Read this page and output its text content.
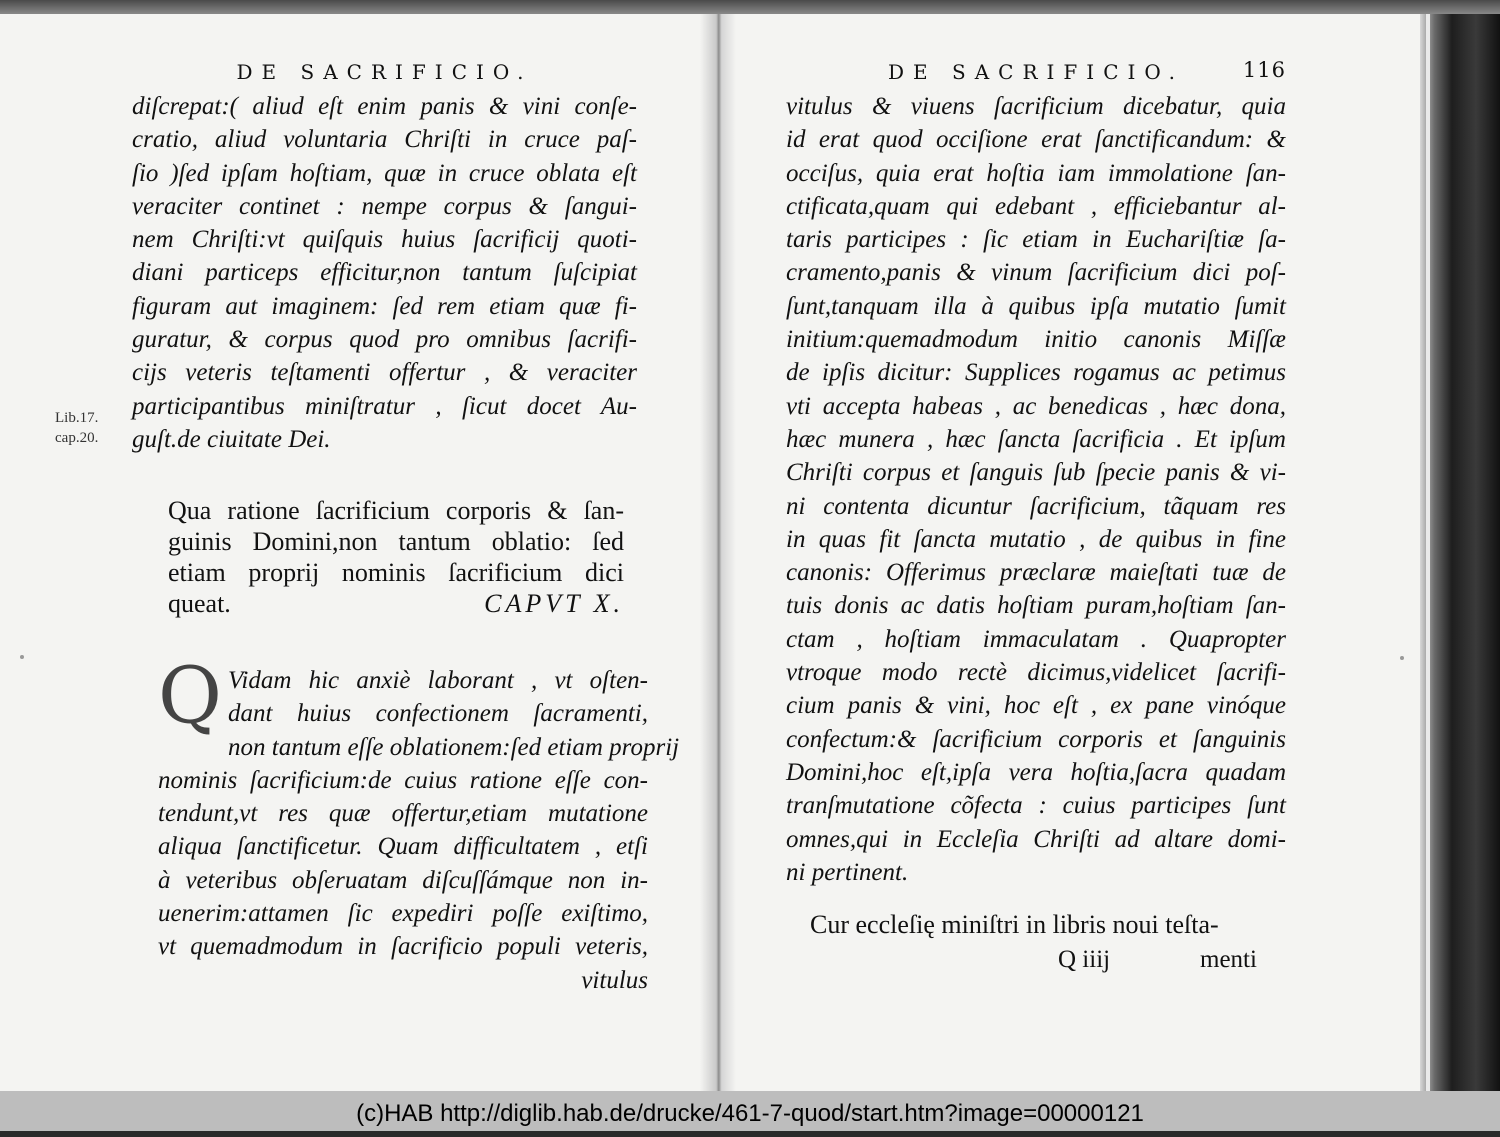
DE SACRIFICIO.
diſcrepat:( aliud eſt enim panis & vini conſe-
cratio, aliud voluntaria Chriſti in cruce paſ-
ſio )ſed ipſam hoſtiam, quæ in cruce oblata eſt
veraciter continet : nempe corpus & ſangui-
nem Chriſti:vt quiſquis huius ſacrificij quoti-
diani particeps efficitur,non tantum ſuſcipiat
figuram aut imaginem: ſed rem etiam quæ fi-
guratur, & corpus quod pro omnibus ſacrifi-
cijs veteris teſtamenti offertur , & veraciter
participantibus miniſtratur , ſicut docet Au-
guſt.de ciuitate Dei.
Lib.17.
cap.20.
Qua ratione ſacrificium corporis & ſan-
guinis Domini,non tantum oblatio: ſed
etiam proprij nominis ſacrificium dici
queat.	CAPVT X.
Q Vidam hic anxiè laborant , vt oſten-
dant huius confectionem ſacramenti,
non tantum eſſe oblationem:ſed etiam proprij
nominis ſacrificium:de cuius ratione eſſe con-
tendunt,vt res quæ offertur,etiam mutatione
aliqua ſanctificetur. Quam difficultatem , etſi
à veteribus obſeruatam diſcuſſámque non in-
uenerim:attamen ſic expediri poſſe exiſtimo,
vt quemadmodum in ſacrificio populi veteris,
vitulus
DE SACRIFICIO.	116
vitulus & viuens ſacrificium dicebatur, quia
id erat quod occiſione erat ſanctificandum: &
occiſus, quia erat hoſtia iam immolatione ſan-
ctificata,quam qui edebant , efficiebantur al-
taris participes : ſic etiam in Euchariſtiæ ſa-
cramento,panis & vinum ſacrificium dici poſ-
ſunt,tanquam illa à quibus ipſa mutatio ſumit
initium:quemadmodum initio canonis Miſſæ
de ipſis dicitur: Supplices rogamus ac petimus
vti accepta habeas , ac benedicas , hæc dona,
hæc munera , hæc ſancta ſacrificia . Et ipſum
Chriſti corpus et ſanguis ſub ſpecie panis & vi-
ni contenta dicuntur ſacrificium, tãquam res
in quas fit ſancta mutatio , de quibus in fine
canonis: Offerimus præclaræ maieſtati tuæ de
tuis donis ac datis hoſtiam puram,hoſtiam ſan-
ctam , hoſtiam immaculatam . Quapropter
vtroque modo rectè dicimus,videlicet ſacrifi-
cium panis & vini, hoc eſt , ex pane vinóque
confectum:& ſacrificium corporis et ſanguinis
Domini,hoc eſt,ipſa vera hoſtia,ſacra quadam
tranſmutatione cõfecta : cuius participes ſunt
omnes,qui in Eccleſia Chriſti ad altare domi-
ni pertinent.
Cur eccleſię miniſtri in libris noui teſta-
Q iiij	menti
(c)HAB http://diglib.hab.de/drucke/461-7-quod/start.htm?image=00000121
